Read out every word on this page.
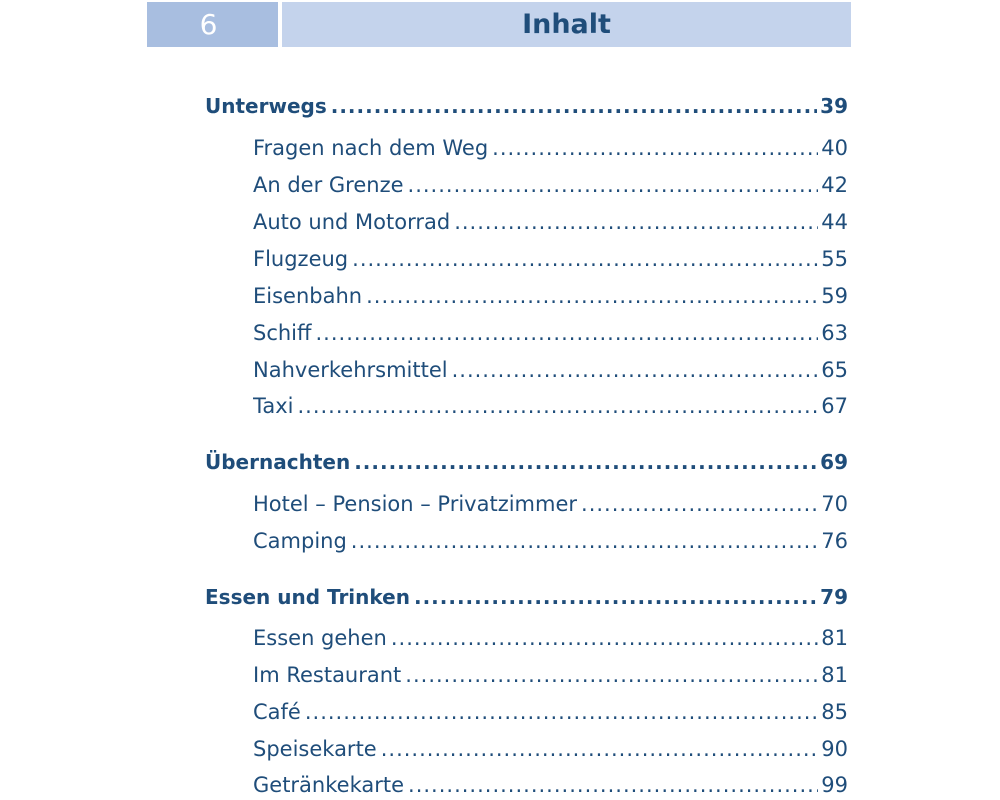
6	Inhalt
Unterwegs .....	39
Fragen nach dem Weg .....	40
An der Grenze .....	42
Auto und Motorrad .....	44
Flugzeug .....	55
Eisenbahn .....	59
Schiff .....	63
Nahverkehrsmittel .....	65
Taxi .....	67
Übernachten .....	69
Hotel – Pension – Privatzimmer .....	70
Camping .....	76
Essen und Trinken .....	79
Essen gehen .....	81
Im Restaurant .....	81
Café .....	85
Speisekarte .....	90
Getränkekarte .....	99
